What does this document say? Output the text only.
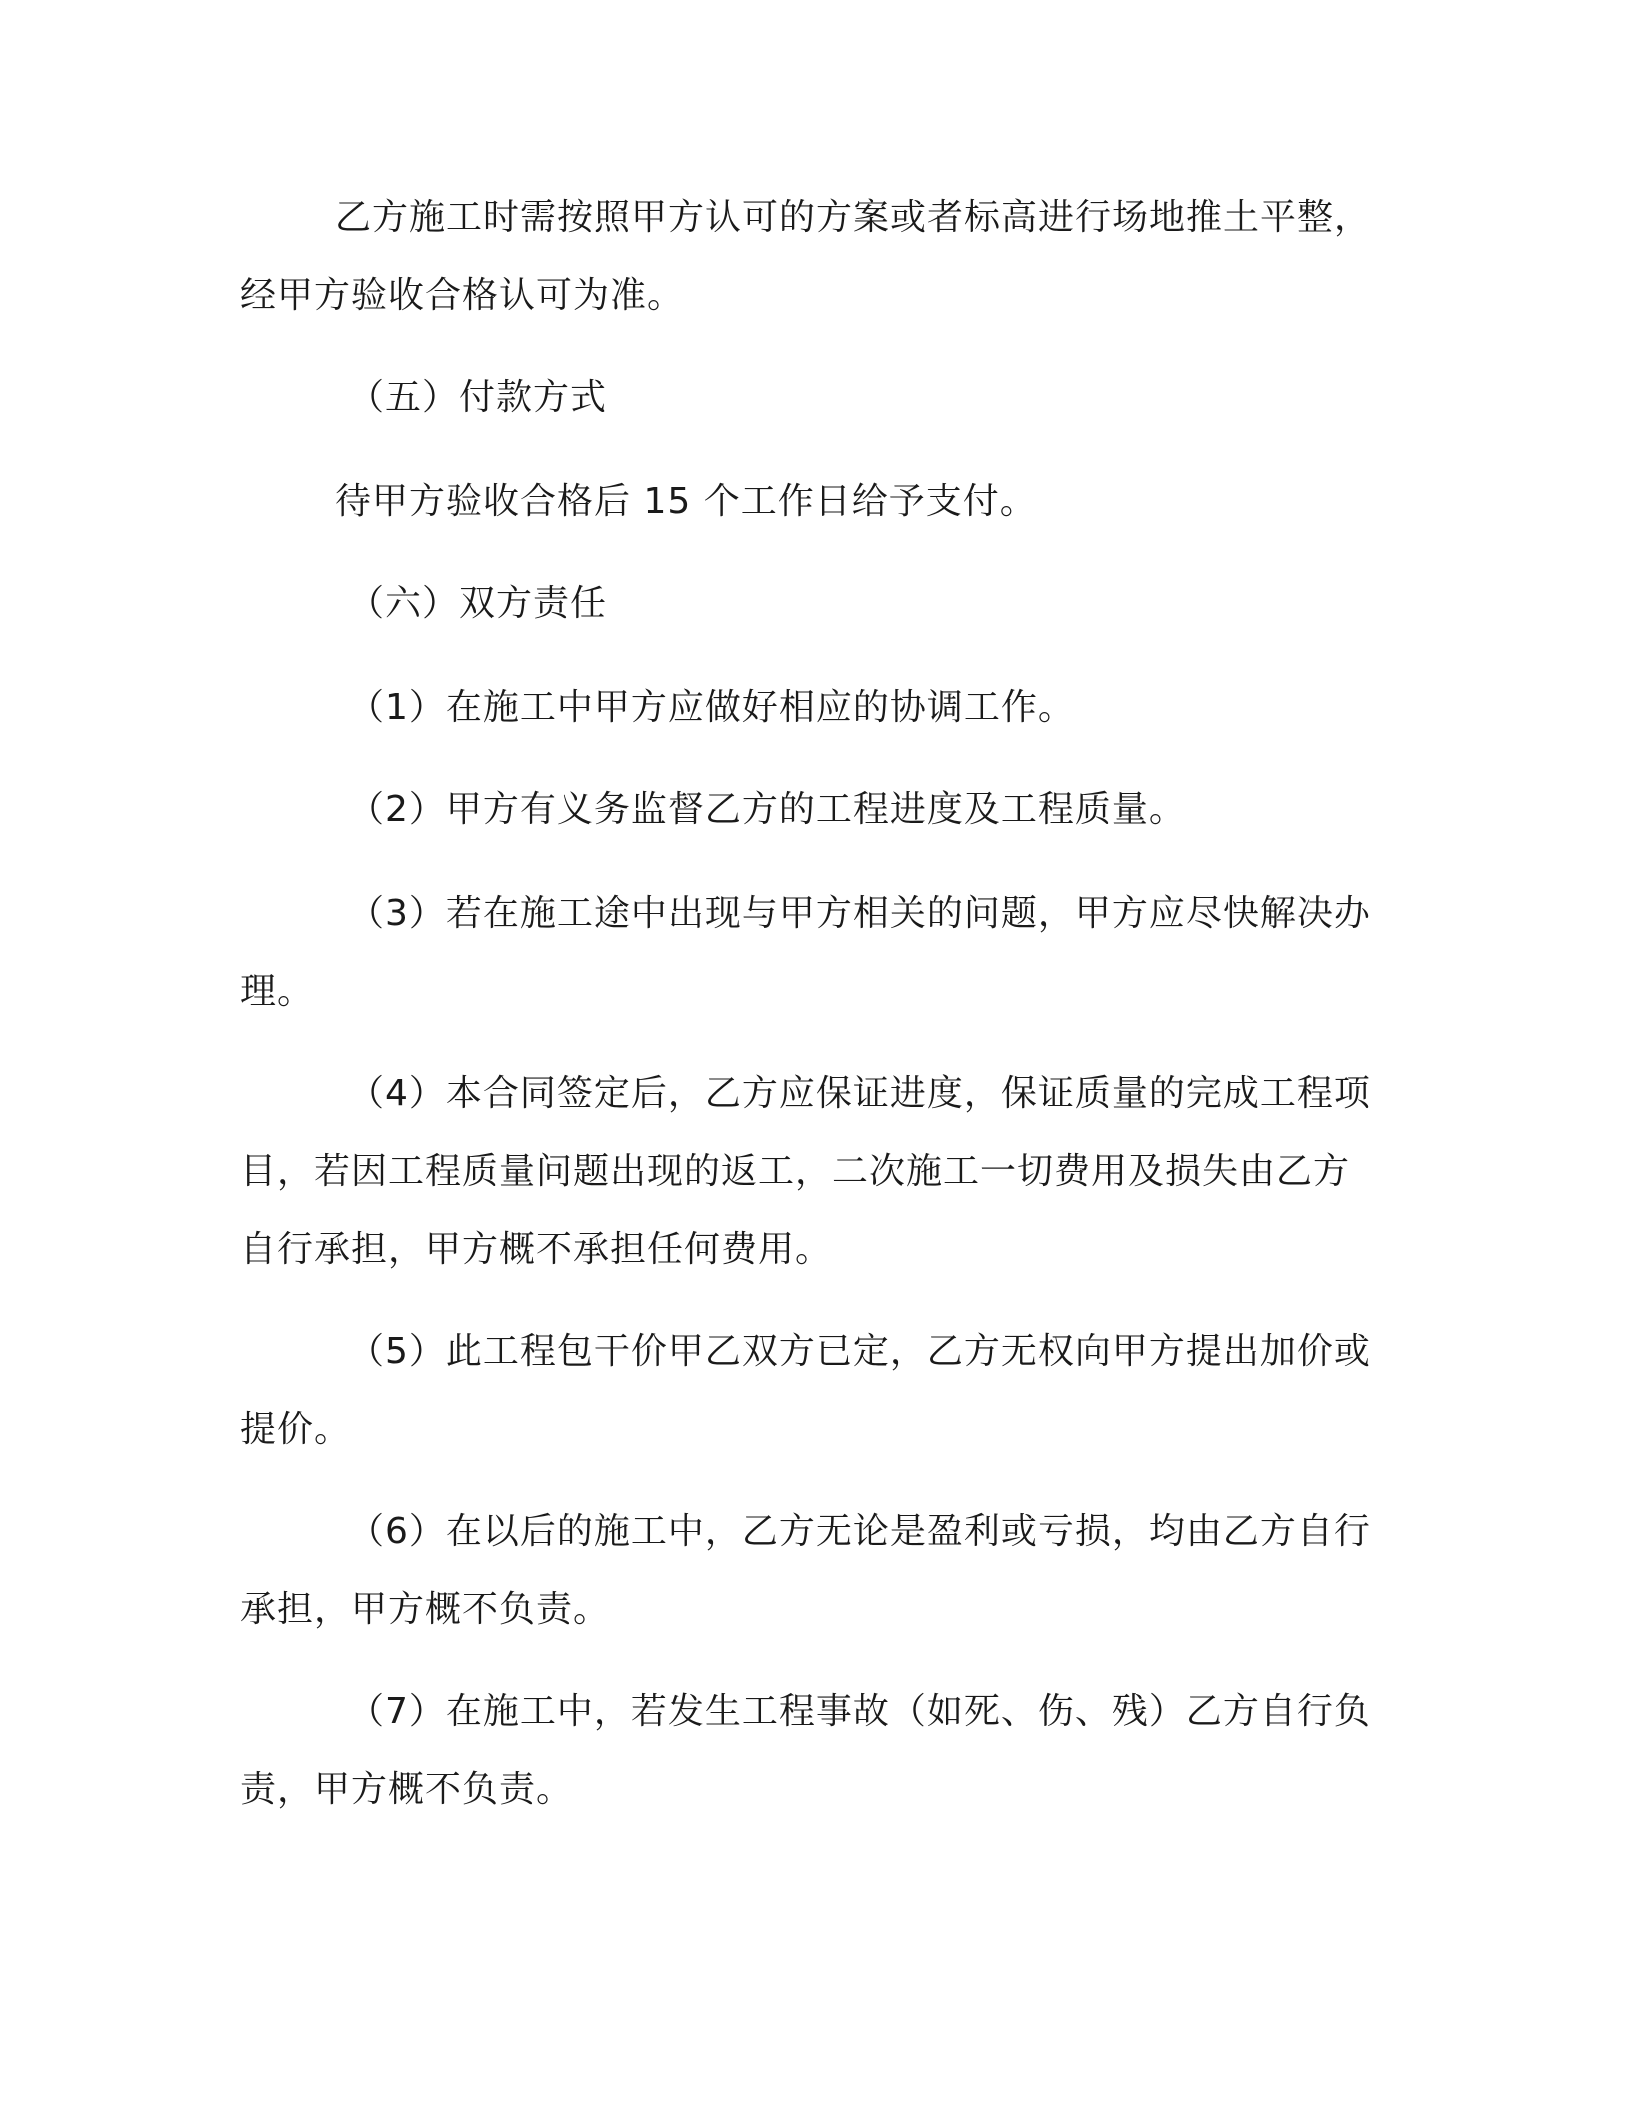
乙方施工时需按照甲方认可的方案或者标高进行场地推土平整，
经甲方验收合格认可为准。
（五）付款方式
待甲方验收合格后 15 个工作日给予支付。
（六）双方责任
（1）在施工中甲方应做好相应的协调工作。
（2）甲方有义务监督乙方的工程进度及工程质量。
（3）若在施工途中出现与甲方相关的问题，甲方应尽快解决办
理。
（4）本合同签定后，乙方应保证进度，保证质量的完成工程项
目，若因工程质量问题出现的返工，二次施工一切费用及损失由乙方
自行承担，甲方概不承担任何费用。
（5）此工程包干价甲乙双方已定，乙方无权向甲方提出加价或
提价。
（6）在以后的施工中，乙方无论是盈利或亏损，均由乙方自行
承担，甲方概不负责。
（7）在施工中，若发生工程事故（如死、伤、残）乙方自行负
责，甲方概不负责。
